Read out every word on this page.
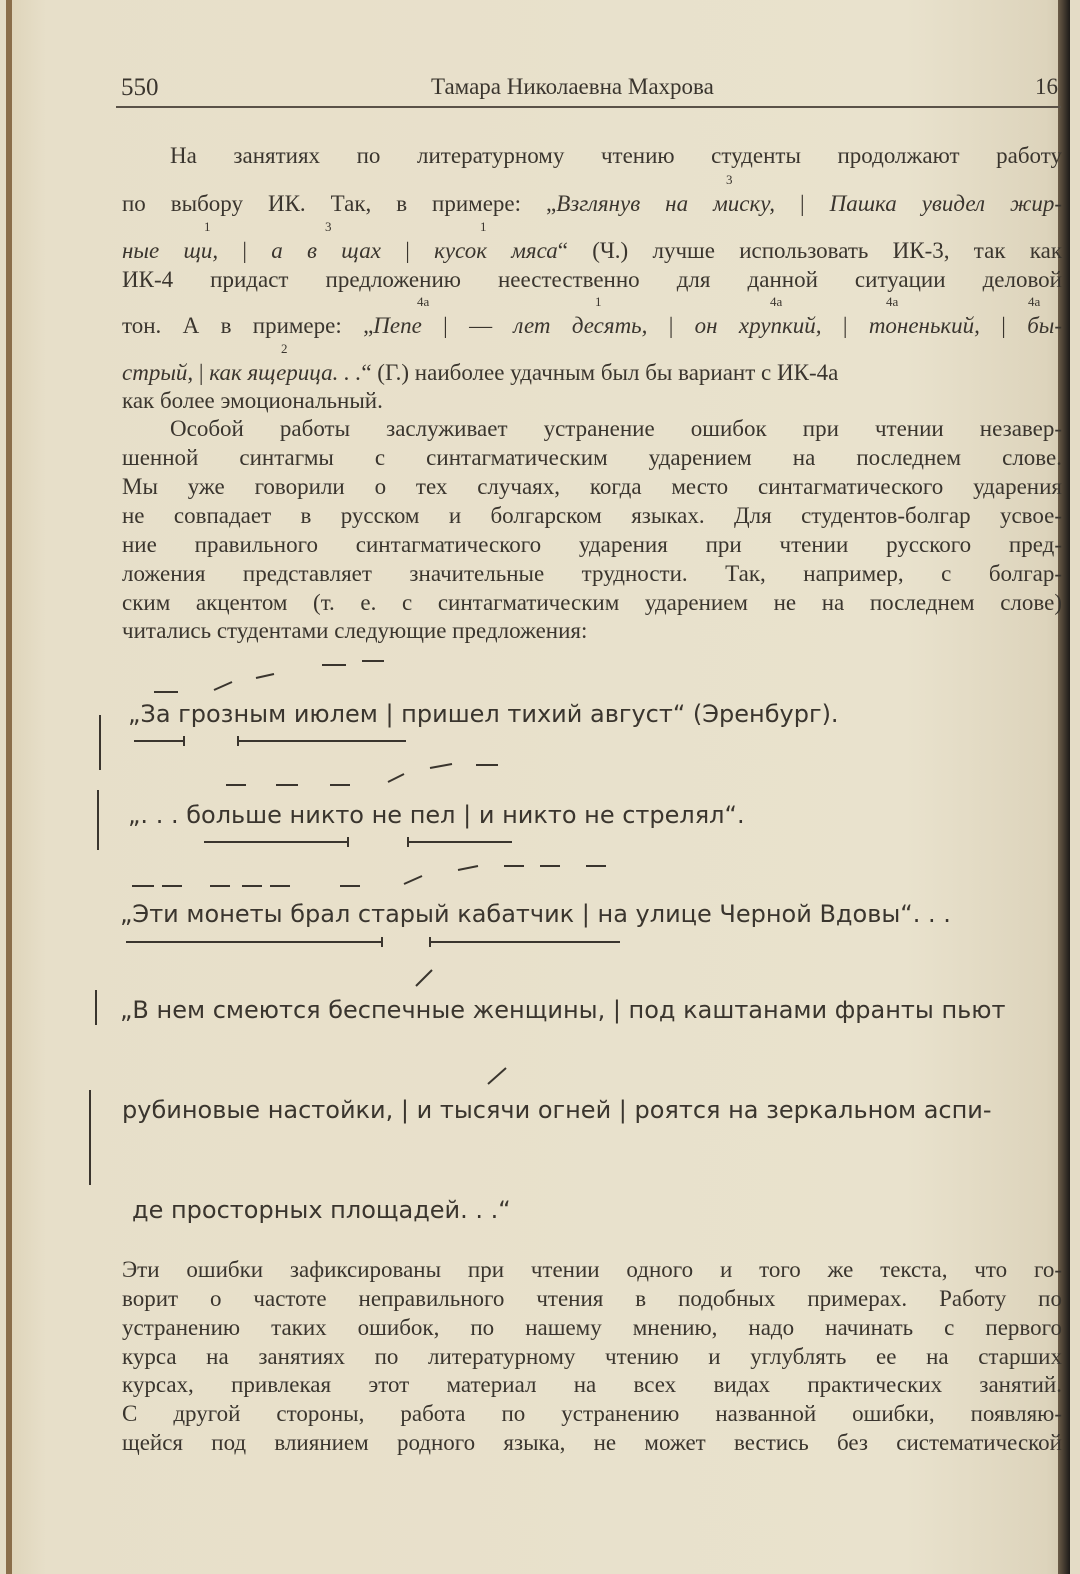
550	Тамара Николаевна Махрова	16
На занятиях по литературному чтению студенты продолжают работу
3
по выбору ИК. Так, в примере: „Взглянув на миску, | Пашка увидел жир-
1	3	1
ные щи, | а в щах | кусок мяса“ (Ч.) лучше использовать ИК-3, так как
ИК-4 придаст предложению неестественно для данной ситуации деловой
4а	1	4а	4а	4а
тон. А в примере: „Пепе | — лет десять, | он хрупкий, | тоненький, | бы-
2
стрый, | как ящерица. . .“ (Г.) наиболее удачным был бы вариант с ИК-4а
как более эмоциональный.
Особой работы заслуживает устранение ошибок при чтении незавер-
шенной синтагмы с синтагматическим ударением на последнем слове.
Мы уже говорили о тех случаях, когда место синтагматического ударения
не совпадает в русском и болгарском языках. Для студентов-болгар усвое-
ние правильного синтагматического ударения при чтении русского пред-
ложения представляет значительные трудности. Так, например, с болгар-
ским акцентом (т. е. с синтагматическим ударением не на последнем слове)
читались студентами следующие предложения:
„За грозным июлем | пришел тихий август“ (Эренбург).
„. . . больше никто не пел | и никто не стрелял“.
„Эти монеты брал старый кабатчик | на улице Черной Вдовы“. . .
„В нем смеются беспечные женщины, | под каштанами франты пьют
рубиновые настойки, | и тысячи огней | роятся на зеркальном аспи-
де просторных площадей. . .“
Эти ошибки зафиксированы при чтении одного и того же текста, что го-
ворит о частоте неправильного чтения в подобных примерах. Работу по
устранению таких ошибок, по нашему мнению, надо начинать с первого
курса на занятиях по литературному чтению и углублять ее на старших
курсах, привлекая этот материал на всех видах практических занятий.
С другой стороны, работа по устранению названной ошибки, появляю-
щейся под влиянием родного языка, не может вестись без систематической
